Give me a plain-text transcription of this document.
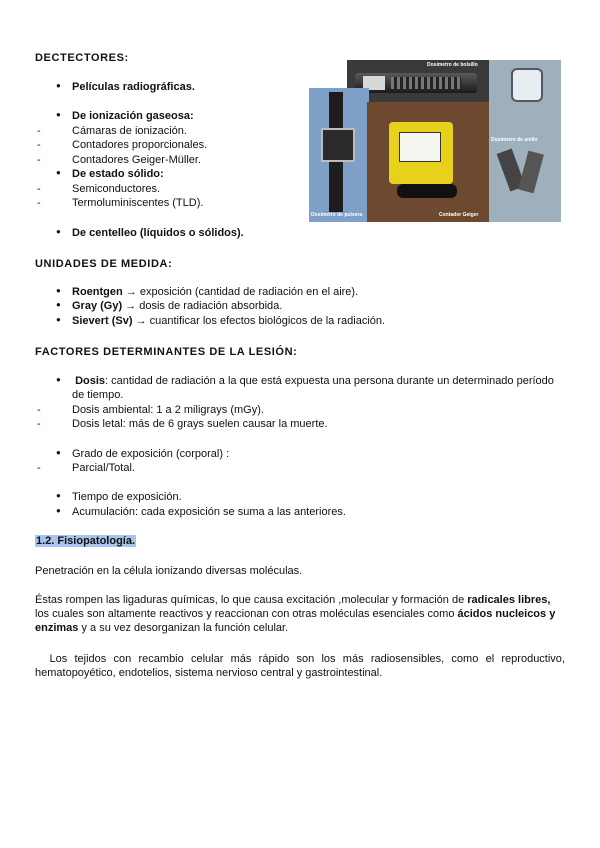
DECTECTORES:
● Películas radiográficas.
● De ionización gaseosa:
- Cámaras de ionización.
- Contadores proporcionales.
- Contadores Geiger-Müller.
● De estado sólido:
- Semiconductores.
- Termoluminiscentes (TLD).
● De centelleo (líquidos o sólidos).
Dosímetro de bolsillo
Dosímetro de anillo
Dosímetro de pulsera	Contador Geiger
UNIDADES DE MEDIDA:
● Roentgen → exposición (cantidad de radiación en el aire).
● Gray (Gy) → dosis de radiación absorbida.
● Sievert (Sv) → cuantificar los efectos biológicos de la radiación.
FACTORES DETERMINANTES DE LA LESIÓN:
● Dosis: cantidad de radiación a la que está expuesta una persona durante un determinado período
de tiempo.
- Dosis ambiental: 1 a 2 miligrays (mGy).
- Dosis letal: más de 6 grays suelen causar la muerte.
● Grado de exposición (corporal) :
- Parcial/Total.
● Tiempo de exposición.
● Acumulación: cada exposición se suma a las anteriores.
1.2. Fisiopatología.
Penetración en la célula ionizando diversas moléculas.
Éstas rompen las ligaduras químicas, lo que causa excitación ,molecular y formación de radicales libres, los cuales son altamente reactivos y reaccionan con otras moléculas esenciales como ácidos nucleicos y enzimas y a su vez desorganizan la función celular.
Los tejidos con recambio celular más rápido son los más radiosensibles, como el reproductivo, hematopoyético, endotelios, sistema nervioso central y gastrointestinal.
